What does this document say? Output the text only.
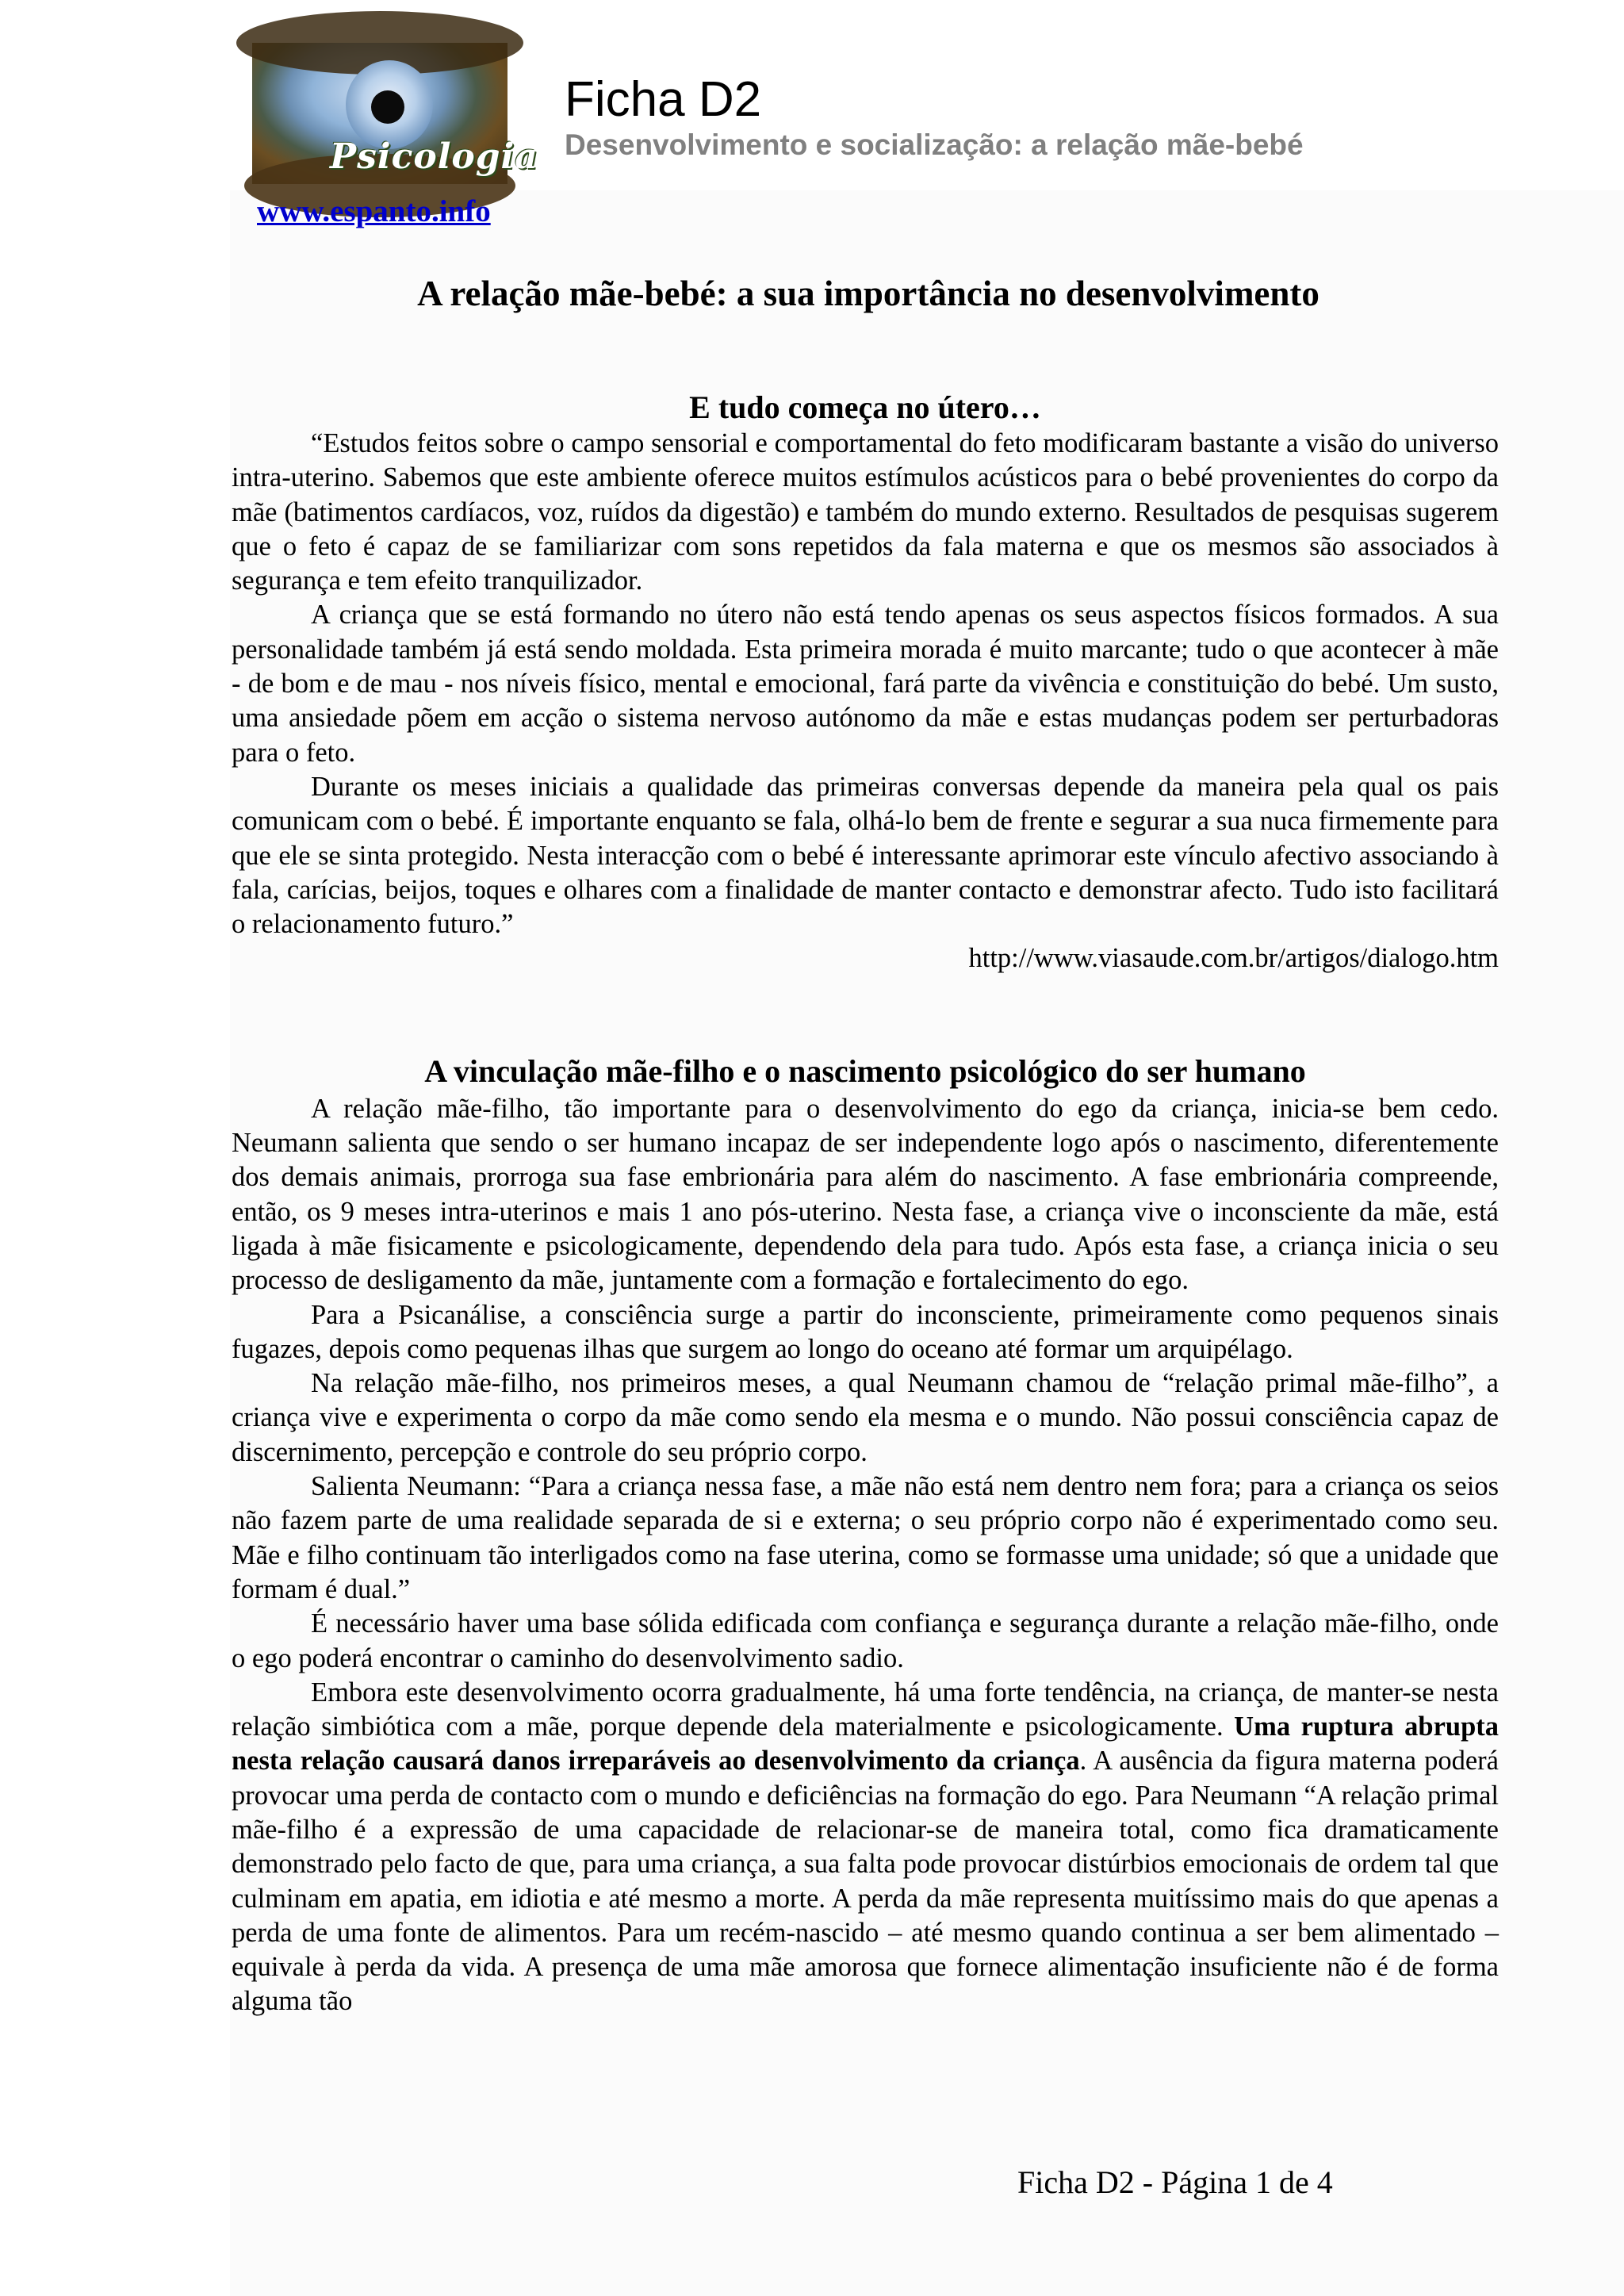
Psicologia
www.espanto.info
Ficha D2
Desenvolvimento e socialização: a relação mãe-bebé
A relação mãe-bebé: a sua importância no desenvolvimento
E tudo começa no útero…

“Estudos feitos sobre o campo sensorial e comportamental do feto modificaram bastante a visão do universo intra-uterino. Sabemos que este ambiente oferece muitos estímulos acústicos para o bebé provenientes do corpo da mãe (batimentos cardíacos, voz, ruídos da digestão) e também do mundo externo. Resultados de pesquisas sugerem que o feto é capaz de se familiarizar com sons repetidos da fala materna e que os mesmos são associados à segurança e tem efeito tranquilizador.

A criança que se está formando no útero não está tendo apenas os seus aspectos físicos formados. A sua personalidade também já está sendo moldada. Esta primeira morada é muito marcante; tudo o que acontecer à mãe - de bom e de mau - nos níveis físico, mental e emocional, fará parte da vivência e constituição do bebé. Um susto, uma ansiedade põem em acção o sistema nervoso autónomo da mãe e estas mudanças podem ser perturbadoras para o feto.

Durante os meses iniciais a qualidade das primeiras conversas depende da maneira pela qual os pais comunicam com o bebé. É importante enquanto se fala, olhá-lo bem de frente e segurar a sua nuca firmemente para que ele se sinta protegido. Nesta interacção com o bebé é interessante aprimorar este vínculo afectivo associando à fala, carícias, beijos, toques e olhares com a finalidade de manter contacto e demonstrar afecto. Tudo isto facilitará o relacionamento futuro.”

http://www.viasaude.com.br/artigos/dialogo.htm

A vinculação mãe-filho e o nascimento psicológico do ser humano

A relação mãe-filho, tão importante para o desenvolvimento do ego da criança, inicia-se bem cedo. Neumann salienta que sendo o ser humano incapaz de ser independente logo após o nascimento, diferentemente dos demais animais, prorroga sua fase embrionária para além do nascimento. A fase embrionária compreende, então, os 9 meses intra-uterinos e mais 1 ano pós-uterino. Nesta fase, a criança vive o inconsciente da mãe, está ligada à mãe fisicamente e psicologicamente, dependendo dela para tudo. Após esta fase, a criança inicia o seu processo de desligamento da mãe, juntamente com a formação e fortalecimento do ego.

Para a Psicanálise, a consciência surge a partir do inconsciente, primeiramente como pequenos sinais fugazes, depois como pequenas ilhas que surgem ao longo do oceano até formar um arquipélago.

Na relação mãe-filho, nos primeiros meses, a qual Neumann chamou de “relação primal mãe-filho”, a criança vive e experimenta o corpo da mãe como sendo ela mesma e o mundo. Não possui consciência capaz de discernimento, percepção e controle do seu próprio corpo.

Salienta Neumann: “Para a criança nessa fase, a mãe não está nem dentro nem fora; para a criança os seios não fazem parte de uma realidade separada de si e externa; o seu próprio corpo não é experimentado como seu. Mãe e filho continuam tão interligados como na fase uterina, como se formasse uma unidade; só que a unidade que formam é dual.”

É necessário haver uma base sólida edificada com confiança e segurança durante a relação mãe-filho, onde o ego poderá encontrar o caminho do desenvolvimento sadio.

Embora este desenvolvimento ocorra gradualmente, há uma forte tendência, na criança, de manter-se nesta relação simbiótica com a mãe, porque depende dela materialmente e psicologicamente. Uma ruptura abrupta nesta relação causará danos irreparáveis ao desenvolvimento da criança. A ausência da figura materna poderá provocar uma perda de contacto com o mundo e deficiências na formação do ego. Para Neumann “A relação primal mãe-filho é a expressão de uma capacidade de relacionar-se de maneira total, como fica dramaticamente demonstrado pelo facto de que, para uma criança, a sua falta pode provocar distúrbios emocionais de ordem tal que culminam em apatia, em idiotia e até mesmo a morte. A perda da mãe representa muitíssimo mais do que apenas a perda de uma fonte de alimentos. Para um recém-nascido – até mesmo quando continua a ser bem alimentado – equivale à perda da vida. A presença de uma mãe amorosa que fornece alimentação insuficiente não é de forma alguma tão

Ficha D2 - Página 1 de 4
